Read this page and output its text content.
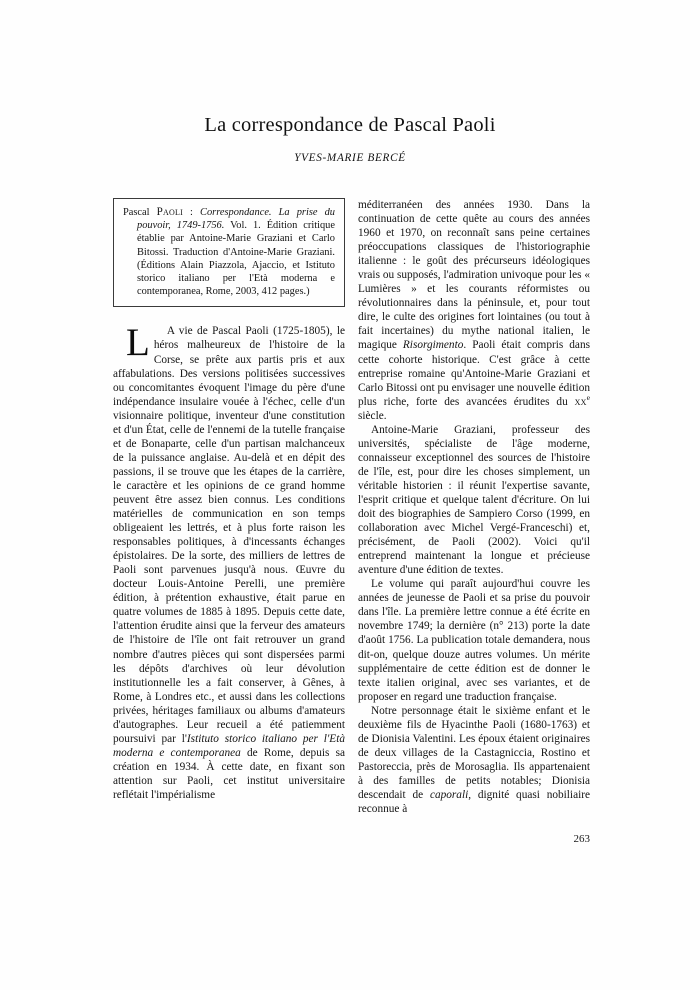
La correspondance de Pascal Paoli
YVES-MARIE BERCÉ
Pascal Paoli : Correspondance. La prise du pouvoir, 1749-1756. Vol. 1. Édition critique établie par Antoine-Marie Graziani et Carlo Bitossi. Traduction d'Antoine-Marie Graziani. (Éditions Alain Piazzola, Ajaccio, et Istituto storico italiano per l'Età moderna e contemporanea, Rome, 2003, 412 pages.)

L	A vie de Pascal Paoli (1725-1805), le héros malheureux de l'histoire de la Corse, se prête aux partis pris et aux affabulations. Des versions politisées successives ou concomitantes évoquent l'image du père d'une indépendance insulaire vouée à l'échec, celle d'un visionnaire politique, inventeur d'une constitution et d'un État, celle de l'ennemi de la tutelle française et de Bonaparte, celle d'un partisan malchanceux de la puissance anglaise. Au-delà et en dépit des passions, il se trouve que les étapes de la carrière, le caractère et les opinions de ce grand homme peuvent être assez bien connus. Les conditions matérielles de communication en son temps obligeaient les lettrés, et à plus forte raison les responsables politiques, à d'incessants échanges épistolaires. De la sorte, des milliers de lettres de Paoli sont parvenues jusqu'à nous. Œuvre du docteur Louis-Antoine Perelli, une première édition, à prétention exhaustive, était parue en quatre volumes de 1885 à 1895. Depuis cette date, l'attention érudite ainsi que la ferveur des amateurs de l'histoire de l'île ont fait retrouver un grand nombre d'autres pièces qui sont dispersées parmi les dépôts d'archives où leur dévolution institutionnelle les a fait conserver, à Gênes, à Rome, à Londres etc., et aussi dans les collections privées, héritages familiaux ou albums d'amateurs d'autographes. Leur recueil a été patiemment poursuivi par l'Istituto storico italiano per l'Età moderna e contemporanea de Rome, depuis sa création en 1934. À cette date, en fixant son attention sur Paoli, cet institut universitaire reflétait l'impérialisme

méditerranéen des années 1930. Dans la continuation de cette quête au cours des années 1960 et 1970, on reconnaît sans peine certaines préoccupations classiques de l'historiographie italienne : le goût des précurseurs idéologiques vrais ou supposés, l'admiration univoque pour les « Lumières » et les courants réformistes ou révolutionnaires dans la péninsule, et, pour tout dire, le culte des origines fort lointaines (ou tout à fait incertaines) du mythe national italien, le magique Risorgimento. Paoli était compris dans cette cohorte historique. C'est grâce à cette entreprise romaine qu'Antoine-Marie Graziani et Carlo Bitossi ont pu envisager une nouvelle édition plus riche, forte des avancées érudites du $xx^e$ siècle.

Antoine-Marie Graziani, professeur des universités, spécialiste de l'âge moderne, connaisseur exceptionnel des sources de l'histoire de l'île, est, pour dire les choses simplement, un véritable historien : il réunit l'expertise savante, l'esprit critique et quelque talent d'écriture. On lui doit des biographies de Sampiero Corso (1999, en collaboration avec Michel Vergé-Franceschi) et, précisément, de Paoli (2002). Voici qu'il entreprend maintenant la longue et précieuse aventure d'une édition de textes.

Le volume qui paraît aujourd'hui couvre les années de jeunesse de Paoli et sa prise du pouvoir dans l'île. La première lettre connue a été écrite en novembre 1749; la dernière (n° 213) porte la date d'août 1756. La publication totale demandera, nous dit-on, quelque douze autres volumes. Un mérite supplémentaire de cette édition est de donner le texte italien original, avec ses variantes, et de proposer en regard une traduction française.

Notre personnage était le sixième enfant et le deuxième fils de Hyacinthe Paoli (1680-1763) et de Dionisia Valentini. Les époux étaient originaires de deux villages de la Castagniccia, Rostino et Pastoreccia, près de Morosaglia. Ils appartenaient à des familles de petits notables; Dionisia descendait de caporali, dignité quasi nobiliaire reconnue à

263
